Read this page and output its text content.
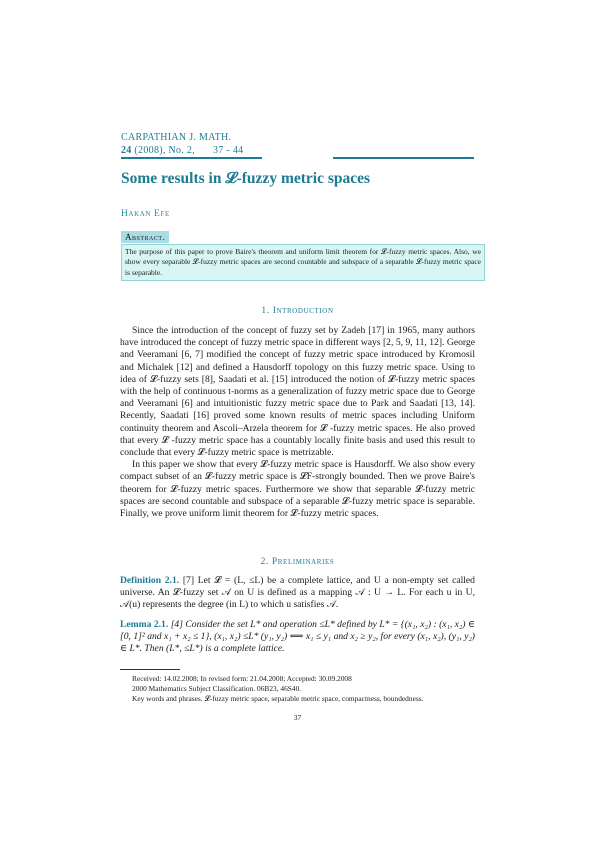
CARPATHIAN J. MATH.
24 (2008), No. 2, 37 - 44
Some results in 𝓛-fuzzy metric spaces
Hakan Efe
Abstract.
The purpose of this paper to prove Baire's theorem and uniform limit theorem for 𝓛-fuzzy metric spaces. Also, we show every separable 𝓛-fuzzy metric spaces are second countable and subspace of a separable 𝓛-fuzzy metric space is separable.
1. Introduction

Since the introduction of the concept of fuzzy set by Zadeh [17] in 1965, many authors have introduced the concept of fuzzy metric space in different ways [2, 5, 9, 11, 12]. George and Veeramani [6, 7] modified the concept of fuzzy metric space introduced by Kromosil and Michalek [12] and defined a Hausdorff topology on this fuzzy metric space. Using to idea of 𝓛-fuzzy sets [8], Saadati et al. [15] introduced the notion of 𝓛-fuzzy metric spaces with the help of continuous t-norms as a generalization of fuzzy metric space due to George and Veeramani [6] and intuitionistic fuzzy metric space due to Park and Saadati [13, 14]. Recently, Saadati [16] proved some known results of metric spaces including Uniform continuity theorem and Ascoli–Arzela theorem for 𝓛 -fuzzy metric spaces. He also proved that every 𝓛 -fuzzy metric space has a countably locally finite basis and used this result to conclude that every 𝓛-fuzzy metric space is metrizable.

In this paper we show that every 𝓛-fuzzy metric space is Hausdorff. We also show every compact subset of an 𝓛-fuzzy metric space is 𝓛F-strongly bounded. Then we prove Baire's theorem for 𝓛-fuzzy metric spaces. Furthermore we show that separable 𝓛-fuzzy metric spaces are second countable and subspace of a separable 𝓛-fuzzy metric space is separable. Finally, we prove uniform limit theorem for 𝓛-fuzzy metric spaces.

2. Preliminaries

Definition 2.1. [7] Let 𝓛 = (L, ≤L) be a complete lattice, and U a non-empty set called universe. An 𝓛-fuzzy set 𝒜 on U is defined as a mapping 𝒜 : U → L. For each u in U, 𝒜(u) represents the degree (in L) to which u satisfies 𝒜.

Lemma 2.1. [4] Consider the set L* and operation ≤L* defined by L* = {(x₁, x₂) : (x₁, x₂) ∈ [0, 1]² and x₁ + x₂ ≤ 1}, (x₁, x₂) ≤L* (y₁, y₂) ⟺ x₁ ≤ y₁ and x₂ ≥ y₂, for every (x₁, x₂), (y₁, y₂) ∈ L*. Then (L*, ≤L*) is a complete lattice.

Received: 14.02.2008; In revised form: 21.04.2008; Accepted: 30.09.2008
2000 Mathematics Subject Classification. 06B23, 46S40.
Key words and phrases. 𝓛-fuzzy metric space, separable metric space, compactness, boundedness.
37
